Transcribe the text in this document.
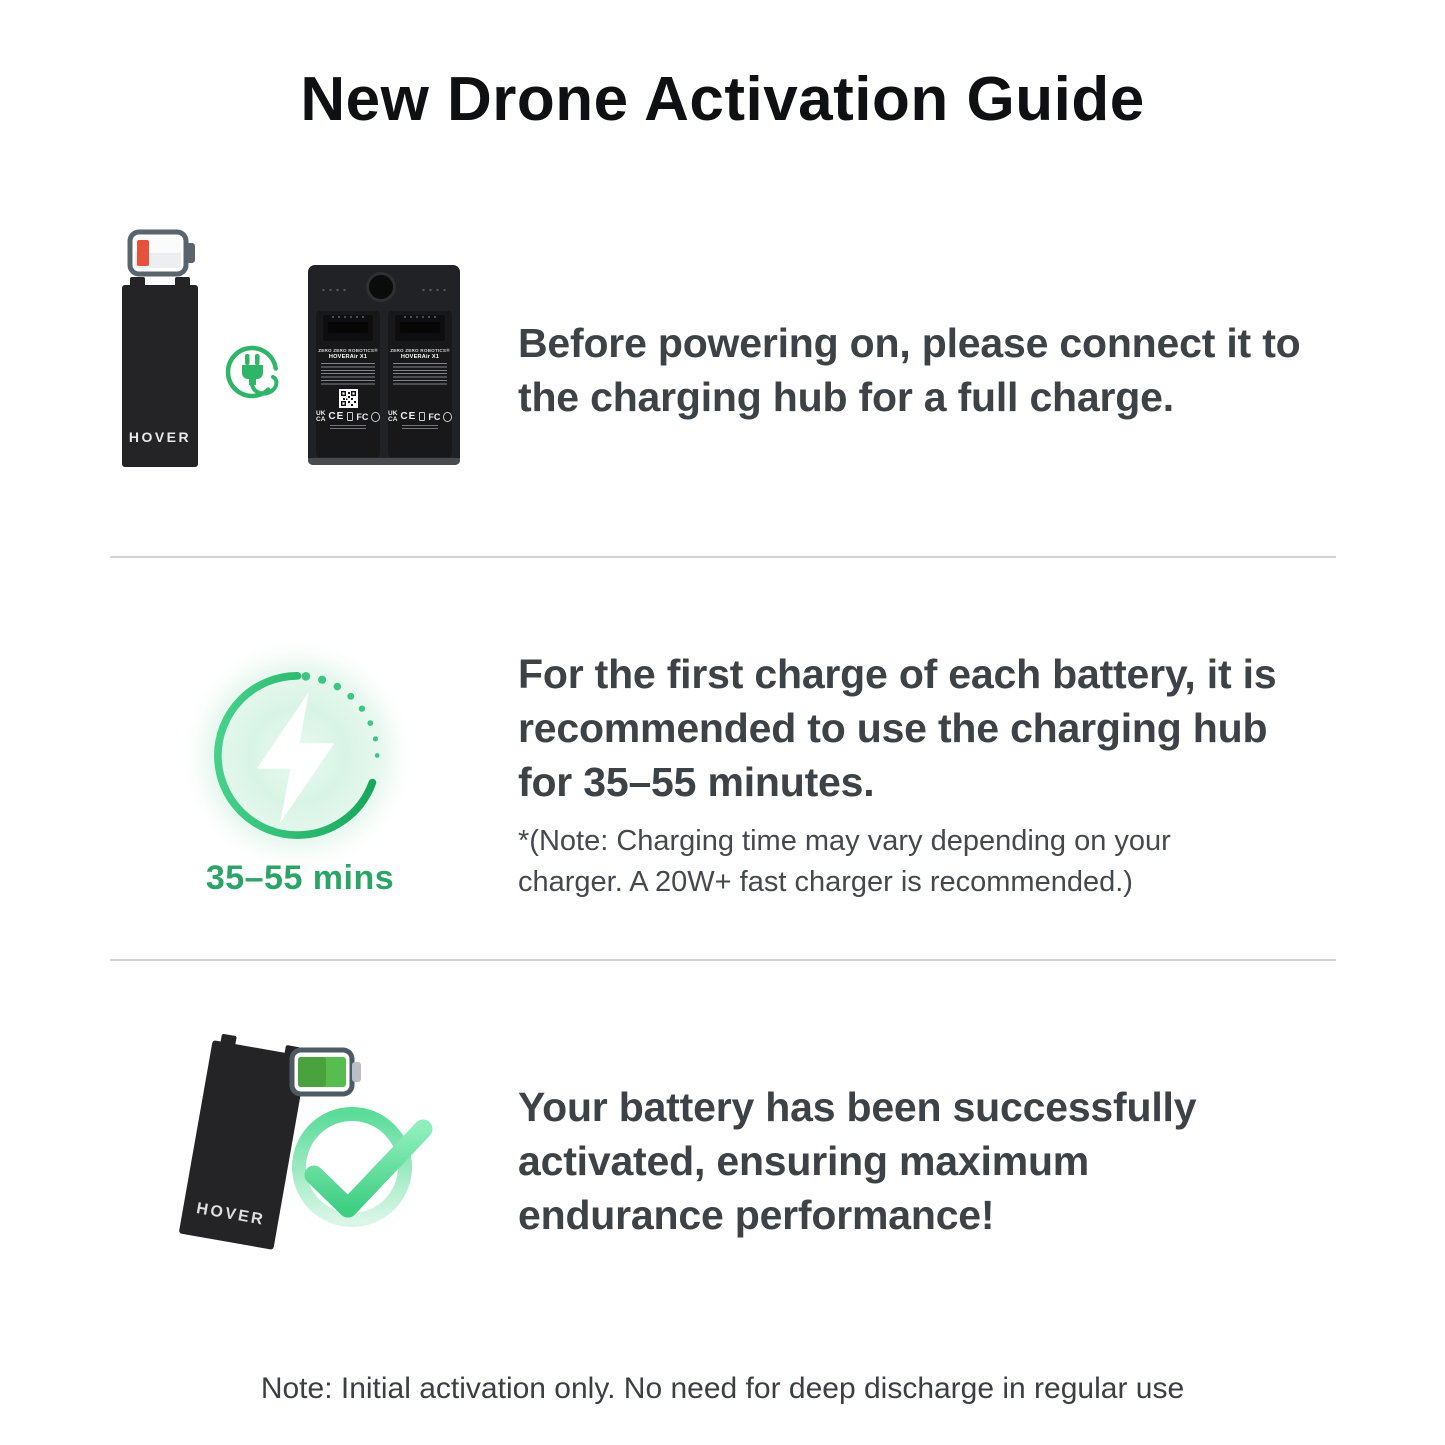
New Drone Activation Guide
HOVER
ZERO ZERO ROBOTICS®
HOVERAir X1
UK
CA CE FC
ZERO ZERO ROBOTICS®
HOVERAir X1
UK
CA CE FC

Before powering on, please connect it to the charging hub for a full charge.

35–55 mins

For the first charge of each battery, it is recommended to use the charging hub for 35–55 minutes.

*(Note: Charging time may vary depending on your charger. A 20W+ fast charger is recommended.)

HOVER

Your battery has been successfully activated, ensuring maximum endurance performance!

Note: Initial activation only. No need for deep discharge in regular use
